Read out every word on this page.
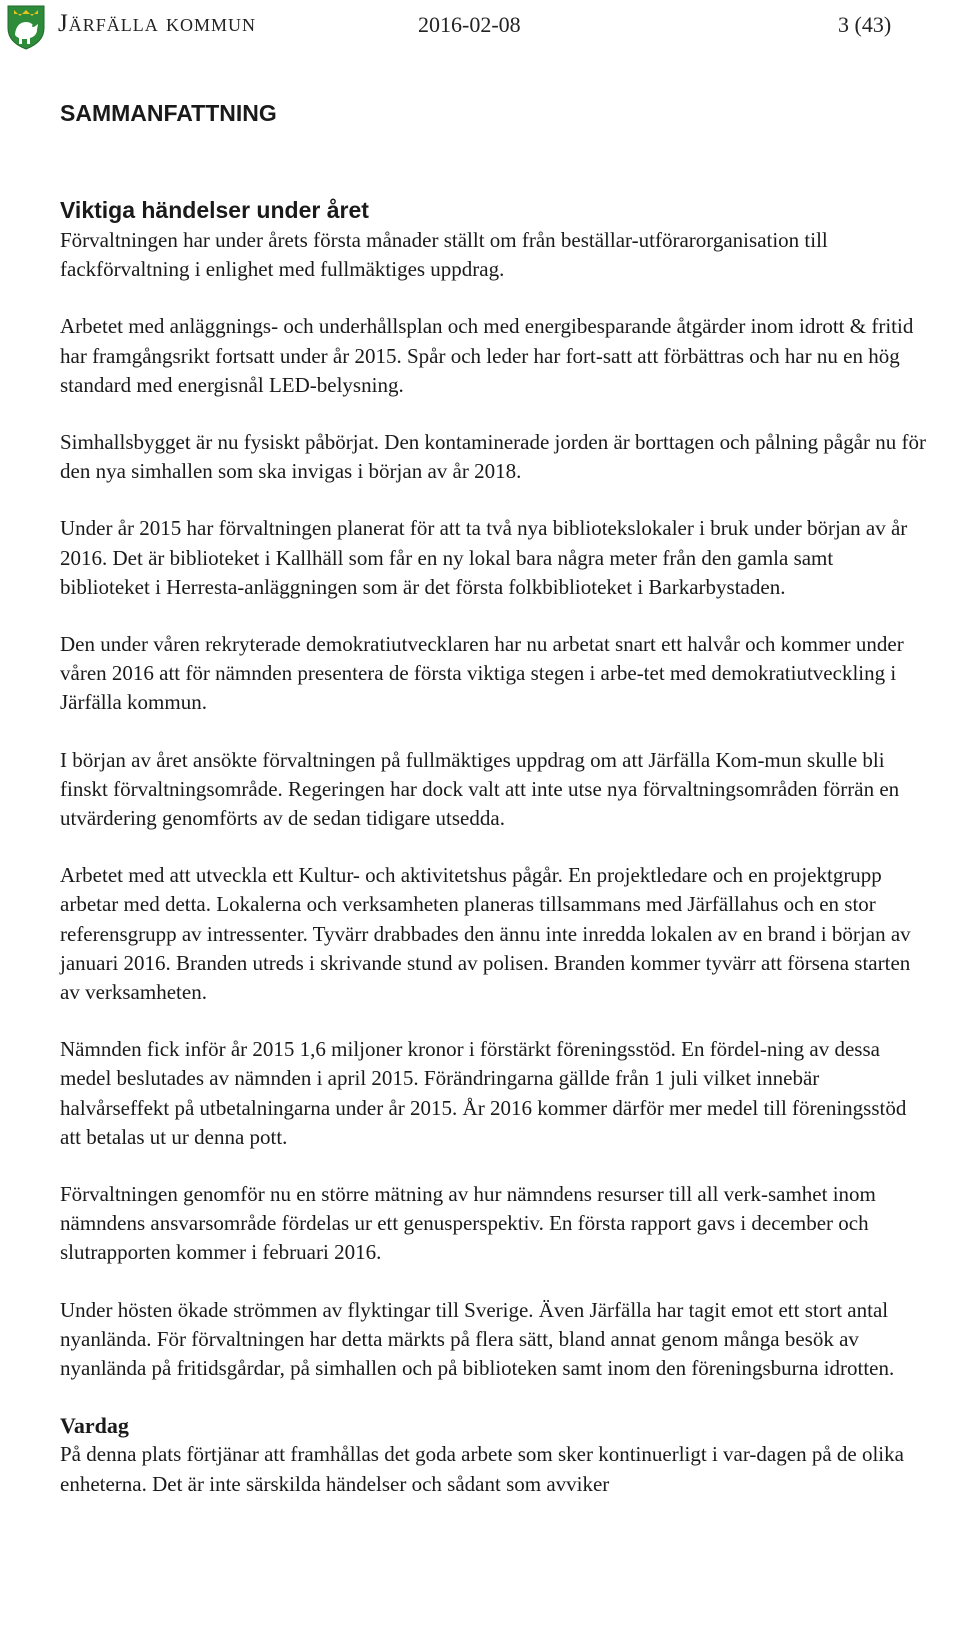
Järfälla kommun	2016-02-08	3 (43)
SAMMANFATTNING
Viktiga händelser under året

Förvaltningen har under årets första månader ställt om från beställar-utförarorganisation till fackförvaltning i enlighet med fullmäktiges uppdrag.

Arbetet med anläggnings- och underhållsplan och med energibesparande åtgärder inom idrott & fritid har framgångsrikt fortsatt under år 2015. Spår och leder har fort-satt att förbättras och har nu en hög standard med energisnål LED-belysning.

Simhallsbygget är nu fysiskt påbörjat. Den kontaminerade jorden är borttagen och pålning pågår nu för den nya simhallen som ska invigas i början av år 2018.

Under år 2015 har förvaltningen planerat för att ta två nya bibliotekslokaler i bruk under början av år 2016. Det är biblioteket i Kallhäll som får en ny lokal bara några meter från den gamla samt biblioteket i Herresta-anläggningen som är det första folkbiblioteket i Barkarbystaden.

Den under våren rekryterade demokratiutvecklaren har nu arbetat snart ett halvår och kommer under våren 2016 att för nämnden presentera de första viktiga stegen i arbe-tet med demokratiutveckling i Järfälla kommun.

I början av året ansökte förvaltningen på fullmäktiges uppdrag om att Järfälla Kom-mun skulle bli finskt förvaltningsområde. Regeringen har dock valt att inte utse nya förvaltningsområden förrän en utvärdering genomförts av de sedan tidigare utsedda.

Arbetet med att utveckla ett Kultur- och aktivitetshus pågår. En projektledare och en projektgrupp arbetar med detta. Lokalerna och verksamheten planeras tillsammans med Järfällahus och en stor referensgrupp av intressenter. Tyvärr drabbades den ännu inte inredda lokalen av en brand i början av januari 2016. Branden utreds i skrivande stund av polisen. Branden kommer tyvärr att försena starten av verksamheten.

Nämnden fick inför år 2015 1,6 miljoner kronor i förstärkt föreningsstöd. En fördel-ning av dessa medel beslutades av nämnden i april 2015. Förändringarna gällde från 1 juli vilket innebär halvårseffekt på utbetalningarna under år 2015. År 2016 kommer därför mer medel till föreningsstöd att betalas ut ur denna pott.

Förvaltningen genomför nu en större mätning av hur nämndens resurser till all verk-samhet inom nämndens ansvarsområde fördelas ur ett genusperspektiv. En första rapport gavs i december och slutrapporten kommer i februari 2016.

Under hösten ökade strömmen av flyktingar till Sverige. Även Järfälla har tagit emot ett stort antal nyanlända. För förvaltningen har detta märkts på flera sätt, bland annat genom många besök av nyanlända på fritidsgårdar, på simhallen och på biblioteken samt inom den föreningsburna idrotten.

Vardag

På denna plats förtjänar att framhållas det goda arbete som sker kontinuerligt i var-dagen på de olika enheterna. Det är inte särskilda händelser och sådant som avviker
